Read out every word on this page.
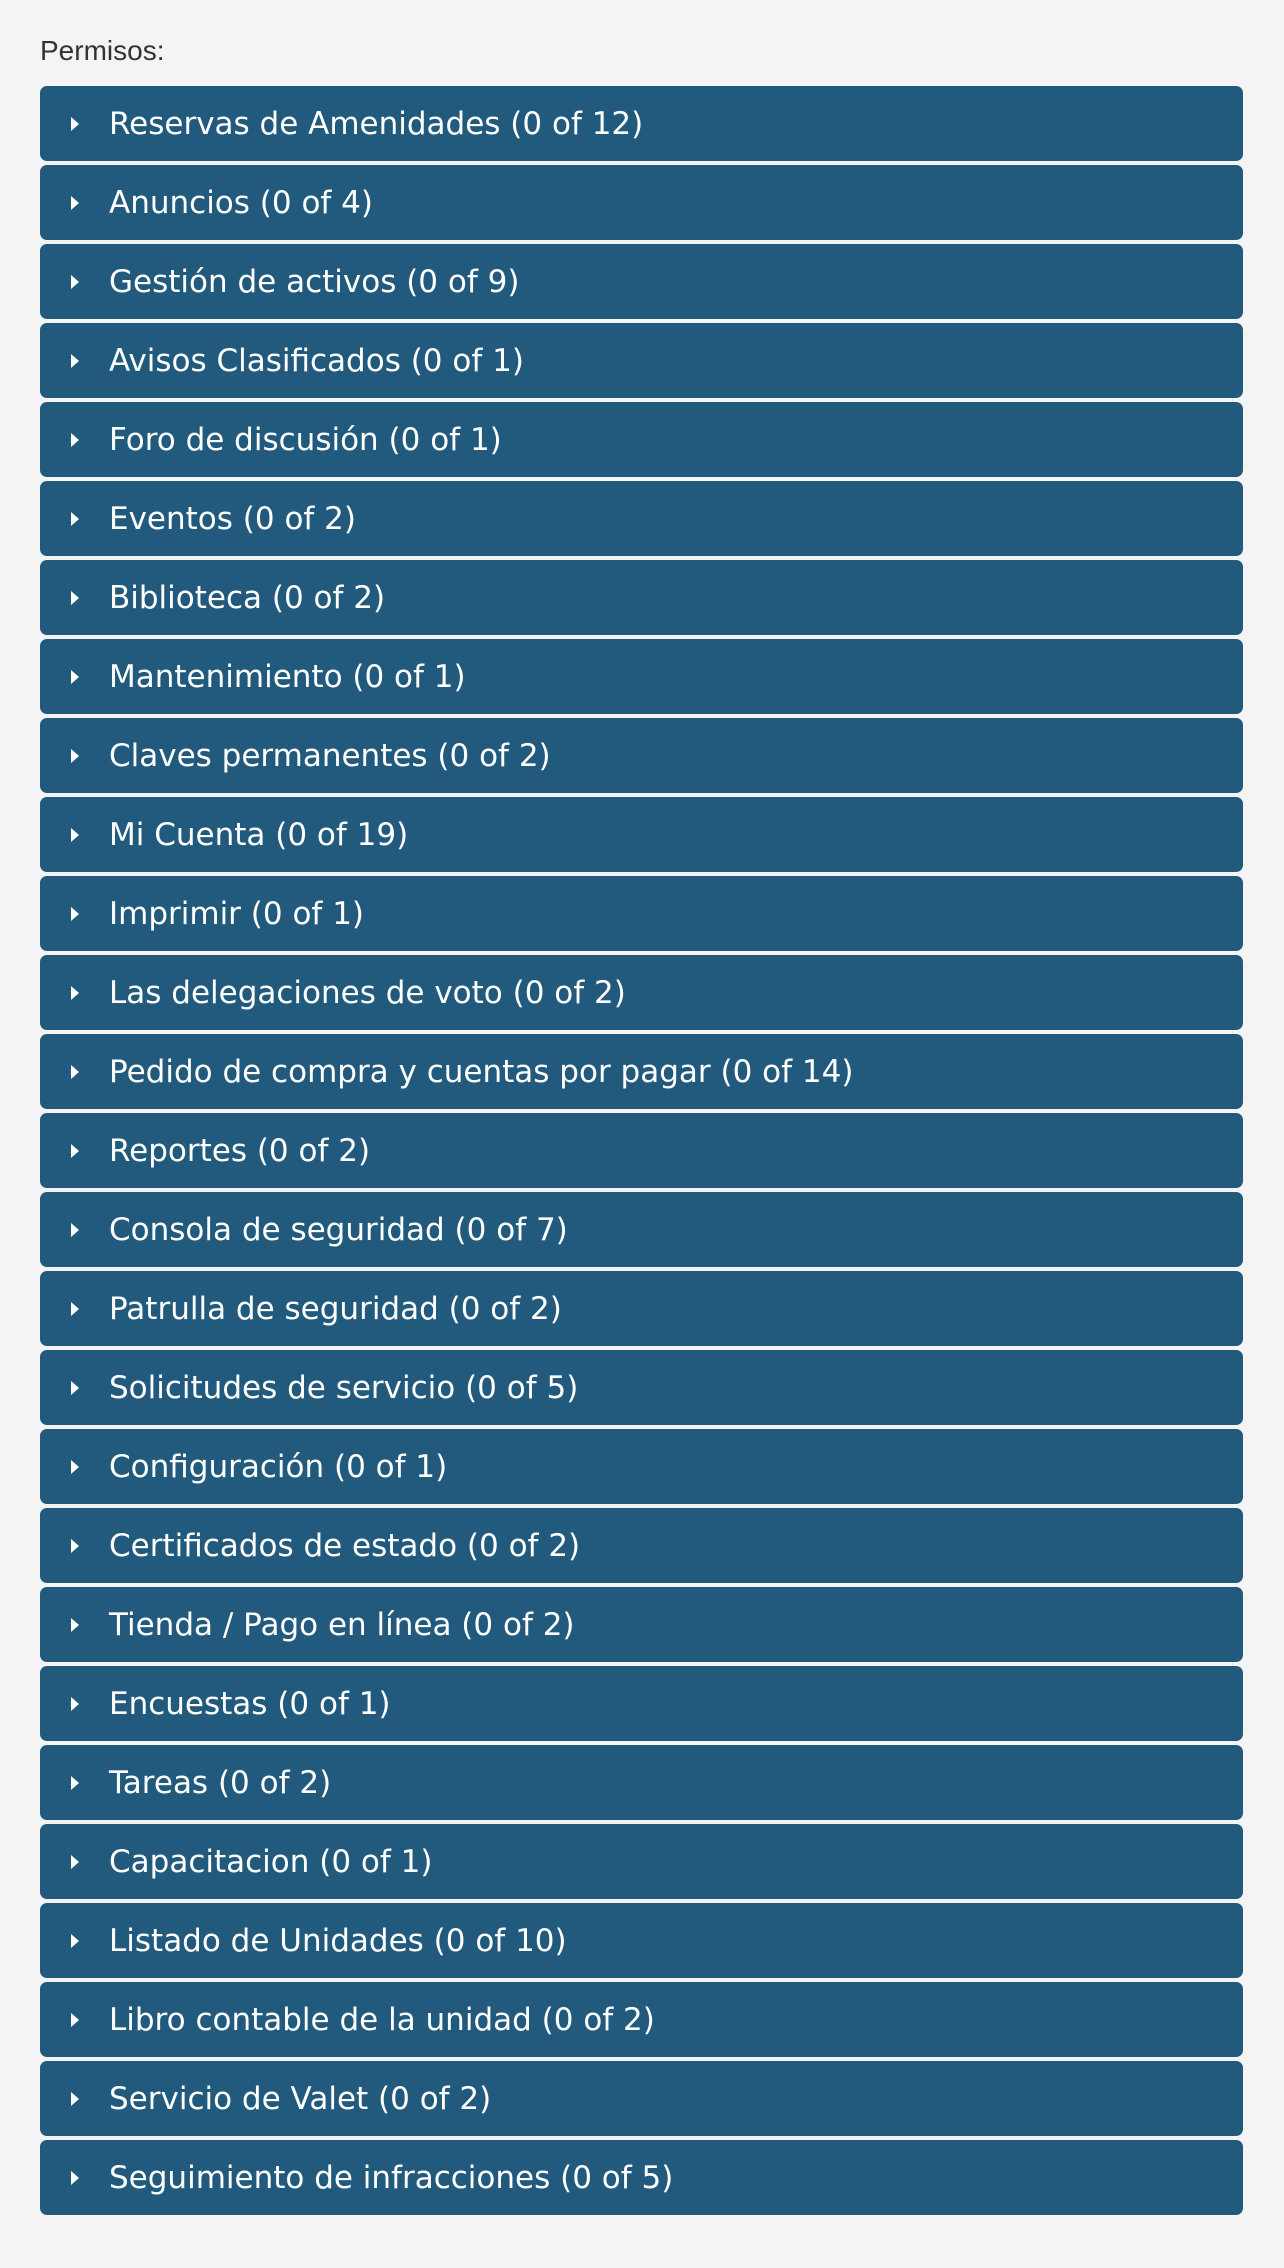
Permisos:
Reservas de Amenidades (0 of 12)
Anuncios (0 of 4)
Gestión de activos (0 of 9)
Avisos Clasificados (0 of 1)
Foro de discusión (0 of 1)
Eventos (0 of 2)
Biblioteca (0 of 2)
Mantenimiento (0 of 1)
Claves permanentes (0 of 2)
Mi Cuenta (0 of 19)
Imprimir (0 of 1)
Las delegaciones de voto (0 of 2)
Pedido de compra y cuentas por pagar (0 of 14)
Reportes (0 of 2)
Consola de seguridad (0 of 7)
Patrulla de seguridad (0 of 2)
Solicitudes de servicio (0 of 5)
Configuración (0 of 1)
Certificados de estado (0 of 2)
Tienda / Pago en línea (0 of 2)
Encuestas (0 of 1)
Tareas (0 of 2)
Capacitacion (0 of 1)
Listado de Unidades (0 of 10)
Libro contable de la unidad (0 of 2)
Servicio de Valet (0 of 2)
Seguimiento de infracciones (0 of 5)
